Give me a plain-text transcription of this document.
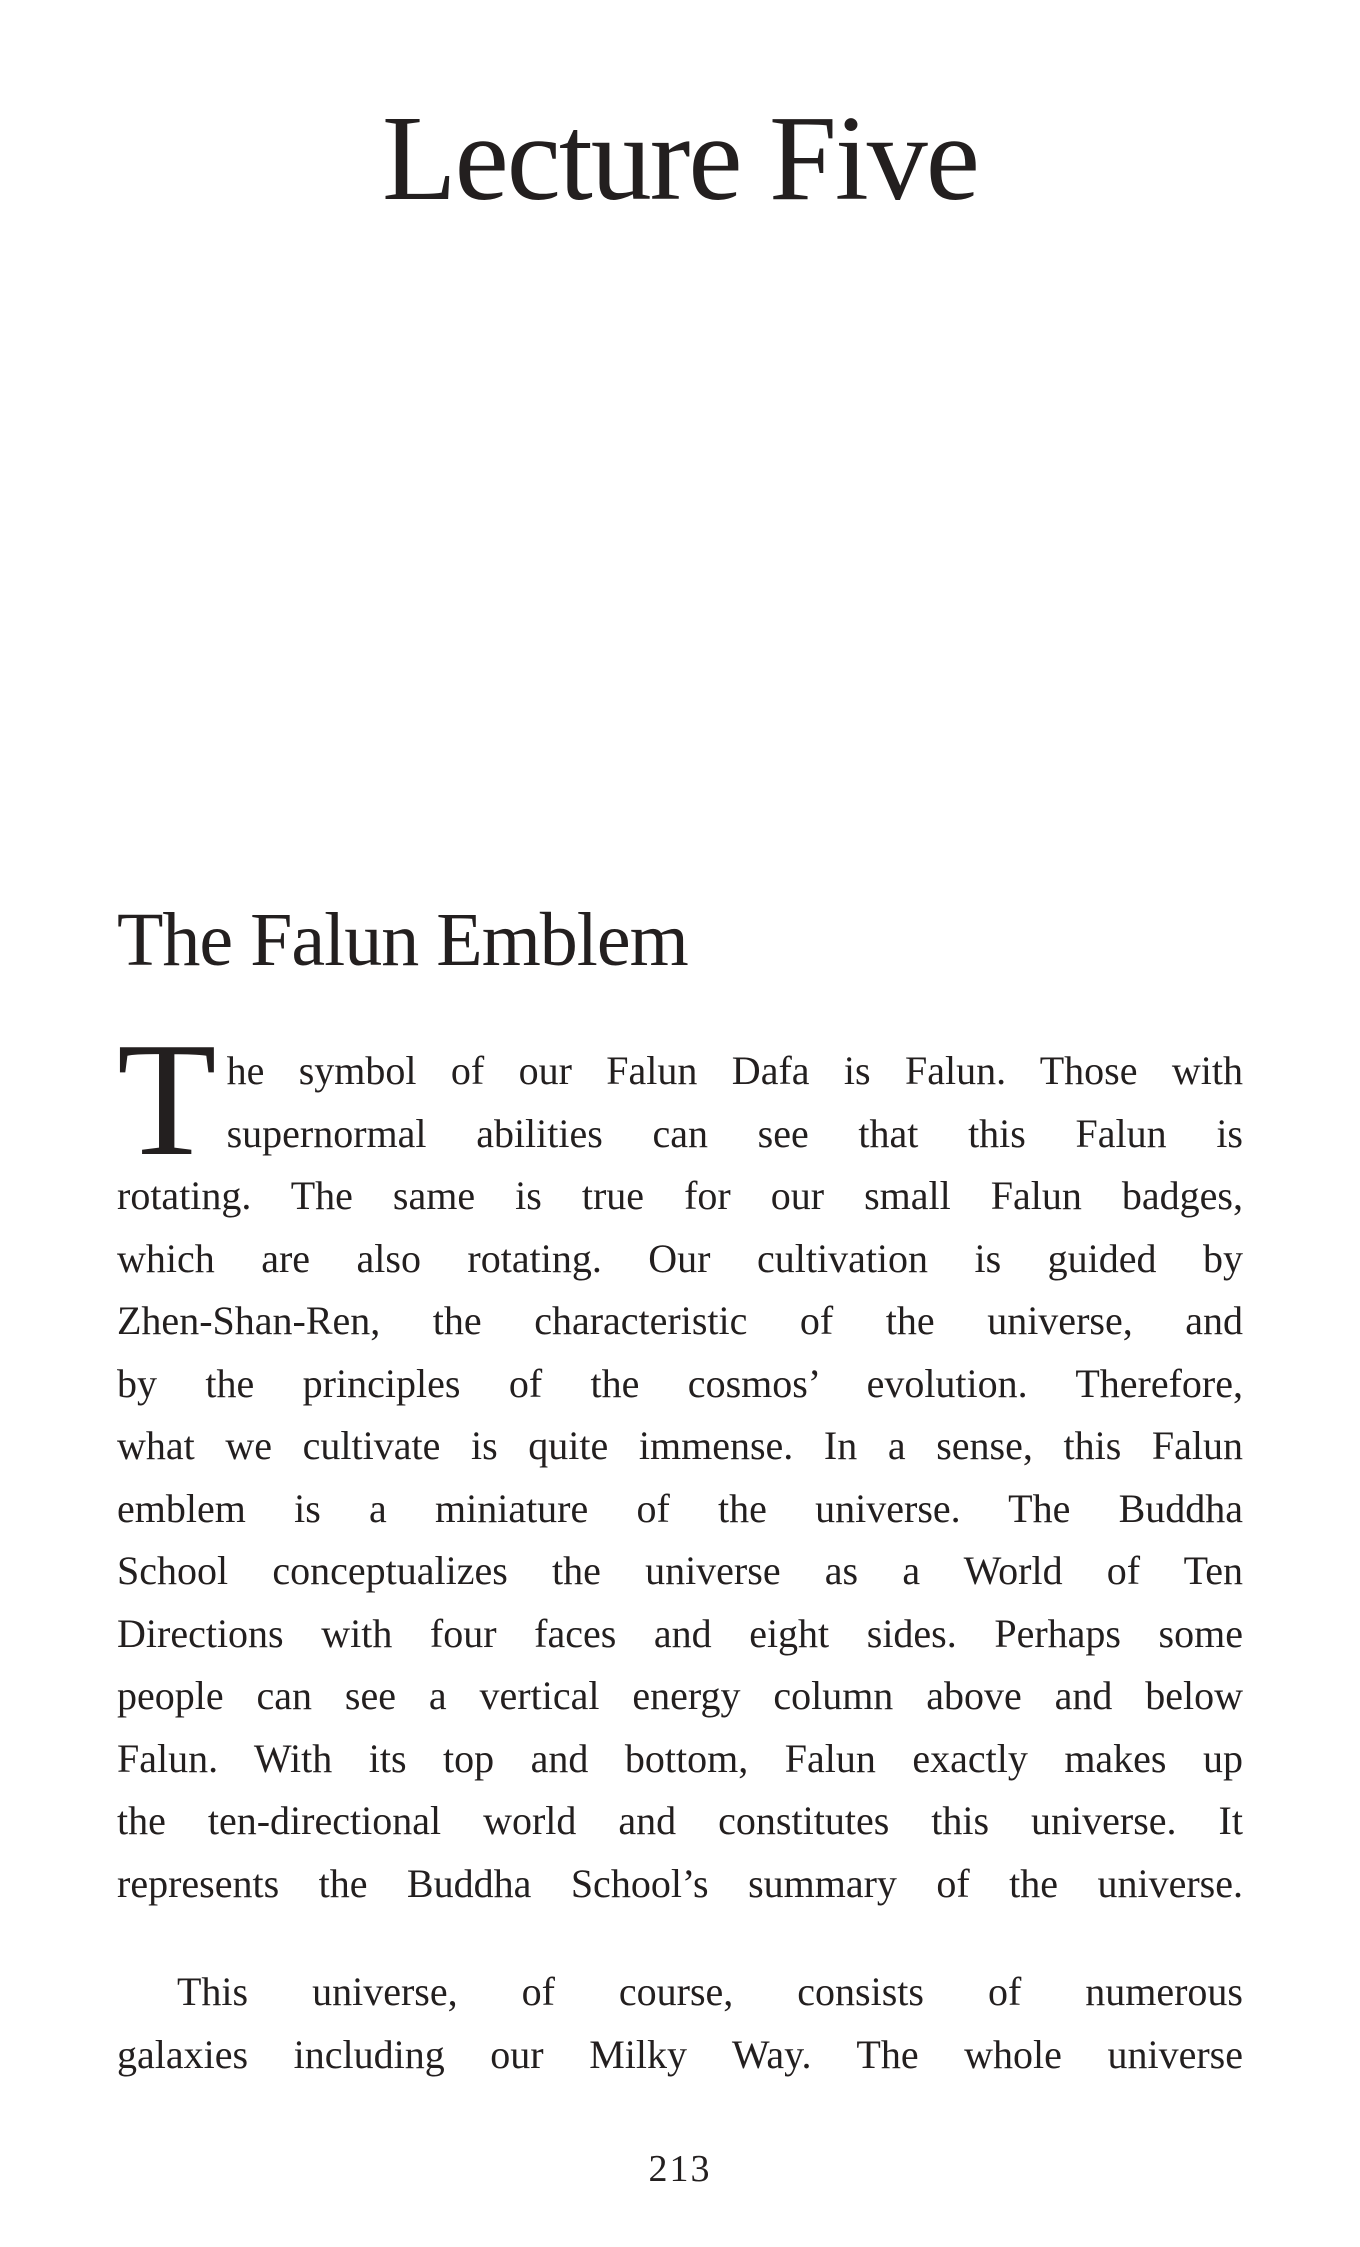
Lecture Five
The Falun Emblem
T he symbol of our Falun Dafa is Falun. Those with
supernormal abilities can see that this Falun is
rotating. The same is true for our small Falun badges,
which are also rotating. Our cultivation is guided by
Zhen-Shan-Ren, the characteristic of the universe, and
by the principles of the cosmos’ evolution. Therefore,
what we cultivate is quite immense. In a sense, this Falun
emblem is a miniature of the universe. The Buddha
School conceptualizes the universe as a World of Ten
Directions with four faces and eight sides. Perhaps some
people can see a vertical energy column above and below
Falun. With its top and bottom, Falun exactly makes up
the ten-directional world and constitutes this universe. It
represents the Buddha School’s summary of the universe.
This universe, of course, consists of numerous
galaxies including our Milky Way. The whole universe
213
